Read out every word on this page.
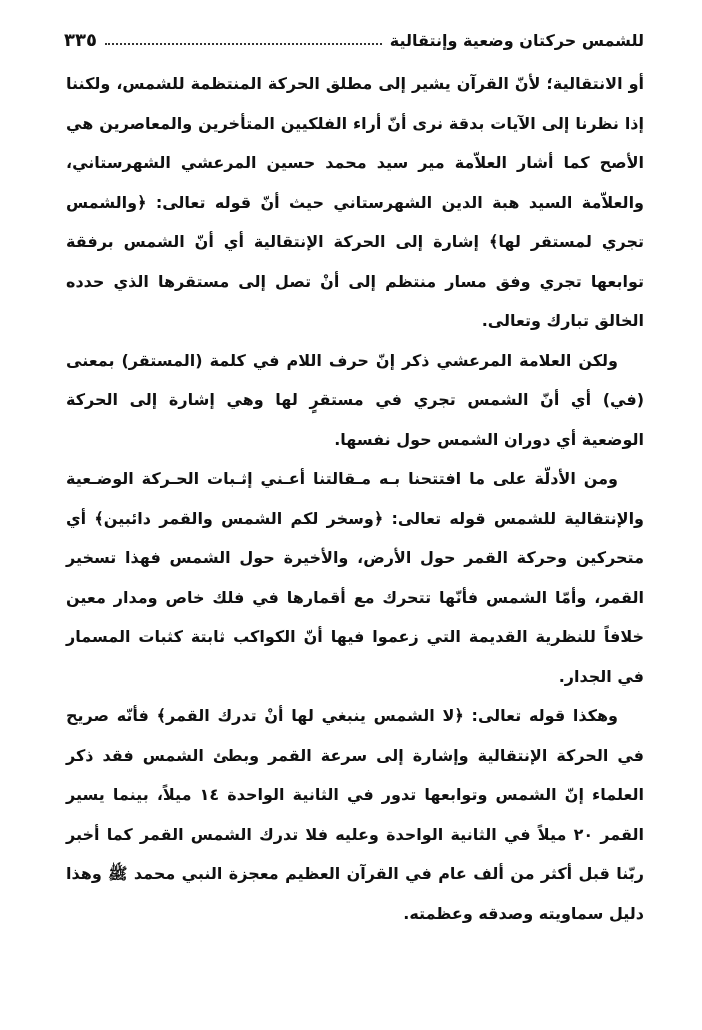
للشمس حركتان وضعية وإنتقالية
٣٣٥

أو الانتقالية؛ لأنّ القرآن يشير إلى مطلق الحركة المنتظمة للشمس، ولكننا إذا نظرنا إلى الآيات بدقة نرى أنّ أراء الفلكيين المتأخرين والمعاصرين هي الأصح كما أشار العلاّمة مير سيد محمد حسين المرعشي الشهرستاني، والعلاّمة السيد هبة الدين الشهرستاني حيث أنّ قوله تعالى: ﴿والشمس تجري لمستقر لها﴾ إشارة إلى الحركة الإنتقالية أي أنّ الشمس برفقة توابعها تجري وفق مسار منتظم إلى أنْ تصل إلى مستقرها الذي حدده الخالق تبارك وتعالى.

ولكن العلامة المرعشي ذكر إنّ حرف اللام في كلمة (المستقر) بمعنى (في) أي أنّ الشمس تجري في مستقرٍ لها وهي إشارة إلى الحركة الوضعية أي دوران الشمس حول نفسها.

ومن الأدلّة على ما افتتحنا بـه مـقالتنا أعـني إثـبات الحـركة الوضـعية والإنتقالية للشمس قوله تعالى: ﴿وسخر لكم الشمس والقمر دائبين﴾ أي متحركين وحركة القمر حول الأرض، والأخيرة حول الشمس فهذا تسخير القمر، وأمّا الشمس فأنّها تتحرك مع أقمارها في فلك خاص ومدار معين خلافاً للنظرية القديمة التي زعموا فيها أنّ الكواكب ثابتة كثبات المسمار في الجدار.

وهكذا قوله تعالى: ﴿لا الشمس ينبغي لها أنْ تدرك القمر﴾ فأنّه صريح في الحركة الإنتقالية وإشارة إلى سرعة القمر وبطئ الشمس فقد ذكر العلماء إنّ الشمس وتوابعها تدور في الثانية الواحدة ١٤ ميلاً، بينما يسير القمر ٢٠ ميلاً في الثانية الواحدة وعليه فلا تدرك الشمس القمر كما أخبر ربّنا قبل أكثر من ألف عام في القرآن العظيم معجزة النبي محمد ﷺ وهذا دليل سماويته وصدقه وعظمته.
